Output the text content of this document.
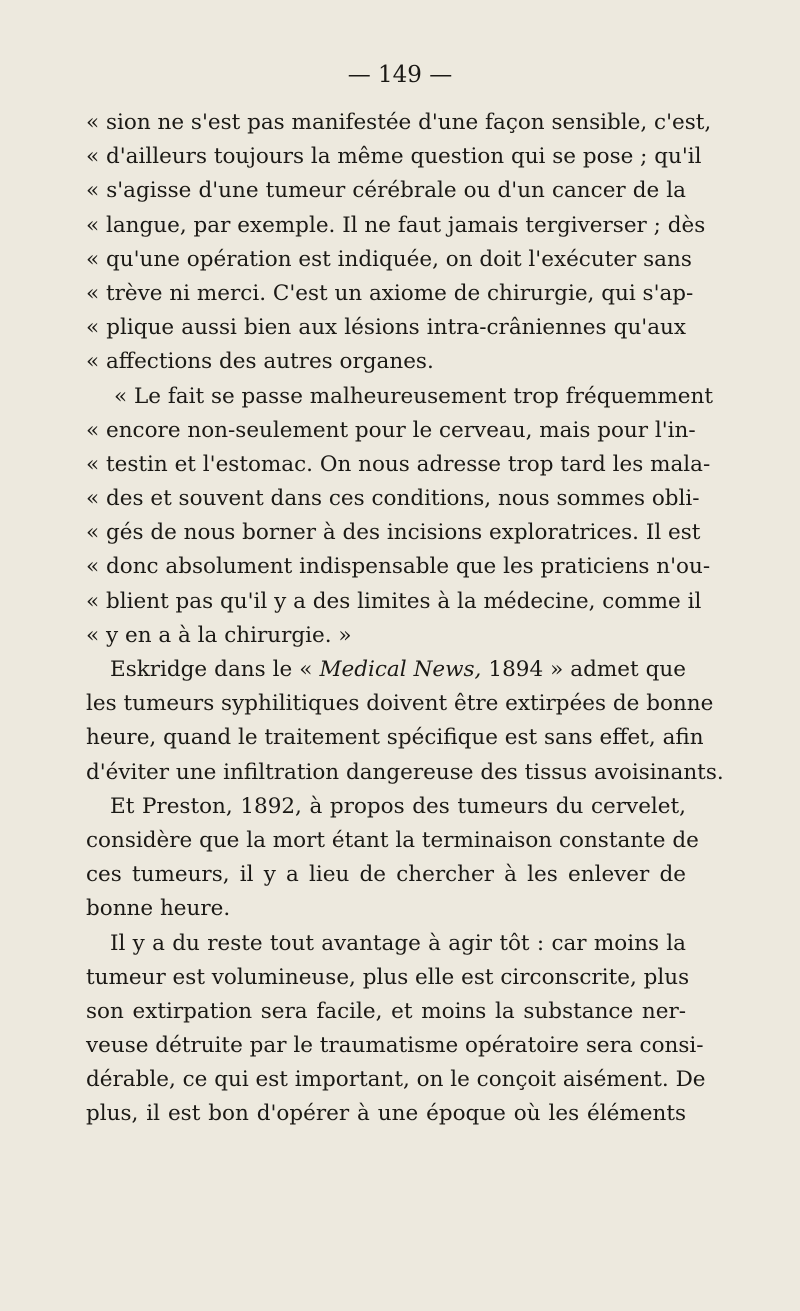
— 149 —
« sion ne s'est pas manifestée d'une façon sensible, c'est,
« d'ailleurs toujours la même question qui se pose ; qu'il
« s'agisse d'une tumeur cérébrale ou d'un cancer de la
« langue, par exemple. Il ne faut jamais tergiverser ; dès
« qu'une opération est indiquée, on doit l'exécuter sans
« trève ni merci. C'est un axiome de chirurgie, qui s'ap-
« plique aussi bien aux lésions intra-crâniennes qu'aux
« affections des autres organes.
« Le fait se passe malheureusement trop fréquemment
« encore non-seulement pour le cerveau, mais pour l'in-
« testin et l'estomac. On nous adresse trop tard les mala-
« des et souvent dans ces conditions, nous sommes obli-
« gés de nous borner à des incisions exploratrices. Il est
« donc absolument indispensable que les praticiens n'ou-
« blient pas qu'il y a des limites à la médecine, comme il
« y en a à la chirurgie. »
Eskridge dans le « Medical News, 1894 » admet que
les tumeurs syphilitiques doivent être extirpées de bonne
heure, quand le traitement spécifique est sans effet, afin
d'éviter une infiltration dangereuse des tissus avoisinants.
Et Preston, 1892, à propos des tumeurs du cervelet,
considère que la mort étant la terminaison constante de
ces tumeurs, il y a lieu de chercher à les enlever de
bonne heure.
Il y a du reste tout avantage à agir tôt : car moins la
tumeur est volumineuse, plus elle est circonscrite, plus
son extirpation sera facile, et moins la substance ner-
veuse détruite par le traumatisme opératoire sera consi-
dérable, ce qui est important, on le conçoit aisément. De
plus, il est bon d'opérer à une époque où les éléments
